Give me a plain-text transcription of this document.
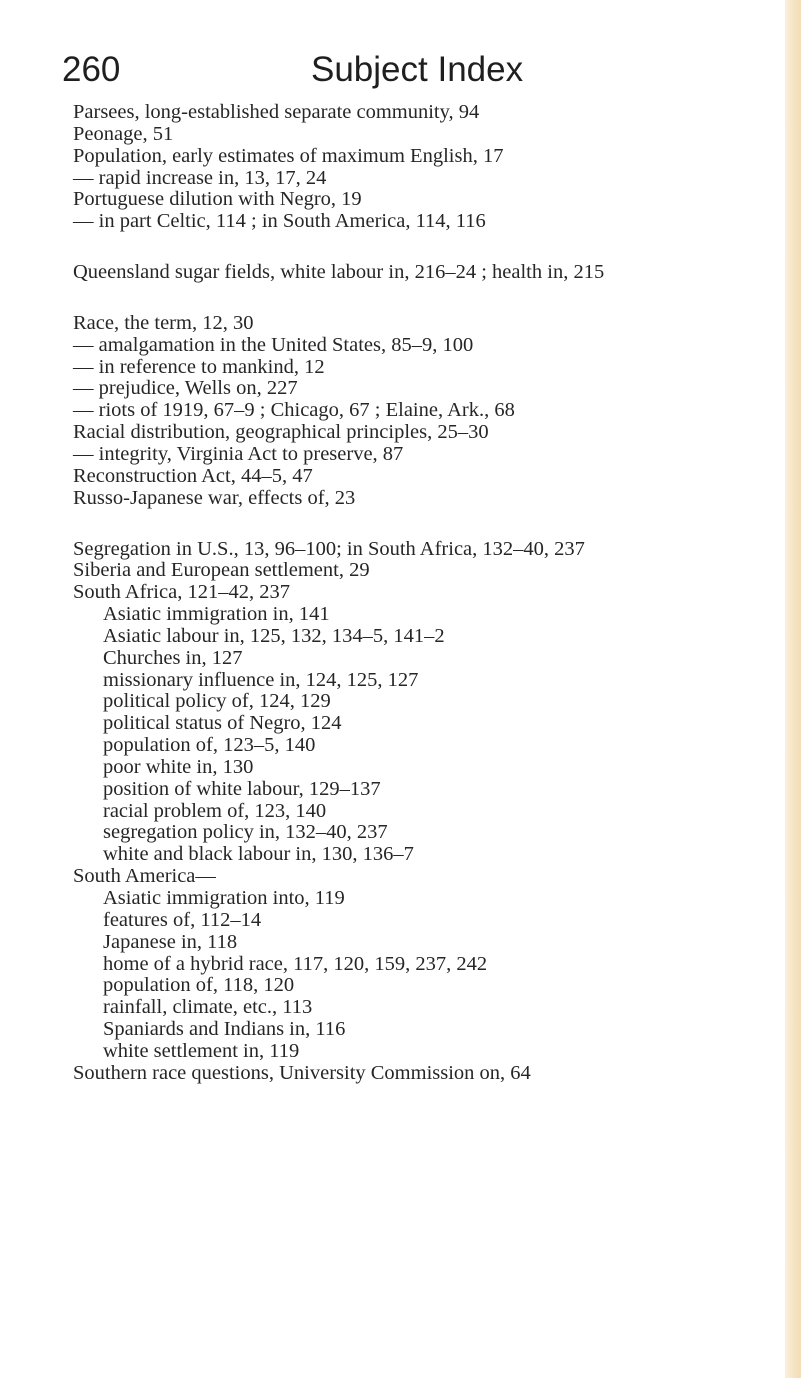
260	Subject Index
Parsees, long-established separate community, 94
Peonage, 51
Population, early estimates of maximum English, 17
— rapid increase in, 13, 17, 24
Portuguese dilution with Negro, 19
— in part Celtic, 114 ; in South America, 114, 116
Queensland sugar fields, white labour in, 216–24 ; health in, 215
Race, the term, 12, 30
— amalgamation in the United States, 85–9, 100
— in reference to mankind, 12
— prejudice, Wells on, 227
— riots of 1919, 67–9 ; Chicago, 67 ; Elaine, Ark., 68
Racial distribution, geographical principles, 25–30
— integrity, Virginia Act to preserve, 87
Reconstruction Act, 44–5, 47
Russo-Japanese war, effects of, 23
Segregation in U.S., 13, 96–100; in South Africa, 132–40, 237
Siberia and European settlement, 29
South Africa, 121–42, 237
Asiatic immigration in, 141
Asiatic labour in, 125, 132, 134–5, 141–2
Churches in, 127
missionary influence in, 124, 125, 127
political policy of, 124, 129
political status of Negro, 124
population of, 123–5, 140
poor white in, 130
position of white labour, 129–137
racial problem of, 123, 140
segregation policy in, 132–40, 237
white and black labour in, 130, 136–7
South America—
Asiatic immigration into, 119
features of, 112–14
Japanese in, 118
home of a hybrid race, 117, 120, 159, 237, 242
population of, 118, 120
rainfall, climate, etc., 113
Spaniards and Indians in, 116
white settlement in, 119
Southern race questions, University Commission on, 64
